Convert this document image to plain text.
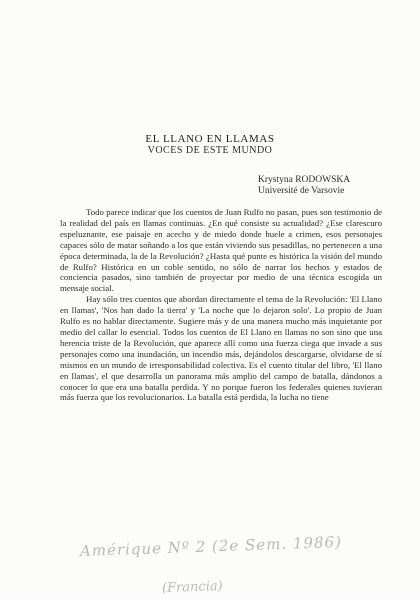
EL LLANO EN LLAMAS
VOCES DE ESTE MUNDO
Krystyna RODOWSKA
Université de Varsovie

Todo parece indicar que los cuentos de Juan Rulfo no pasan, pues son testimonio de la realidad del país en llamas continuas. ¿En qué consiste su actualidad? ¿Ese clarescuro espeluznante, ese paisaje en acecho y de miedo donde huele a crimen, esos personajes capaces sólo de matar soñando a los que están viviendo sus pesadillas, no pertenecen a una época determinada, la de la Revolución? ¿Hasta qué punte es histórica la visión del mundo de Rulfo? Histórica en un coble sentido, no sólo de narrar los hechos y estados de conciencia pasados, sino también de proyectar por medio de una técnica escogida un mensaje social.

Hay sólo tres cuentos que abordan directamente el tema de la Revolución: 'El Llano en llamas', 'Nos han dado la tierra' y 'La noche que lo dejaron solo'. Lo propio de Juan Rulfo es no hablar directamente. Sugiere más y de una manera mucho más inquietante por medio del callar lo esencial. Todos los cuentos de El Llano en llamas no son sino que una herencia triste de la Revolución, que aparece allí como una fuerza ciega que invade a sus personajes como una inundación, un incendio más, dejándolos descargarse, olvidarse de sí mismos en un mundo de irresponsabilidad colectiva. Es el cuento titular del libro, 'El llano en llamas', el que desarrolla un panorama más amplio del campo de batalla, dándonos a conocer lo que era una batalla perdida. Y no porque fueron los federales quienes tuvieran más fuerza que los revolucionarios. La batalla está perdida, la lucha no tiene

Amérique Nº 2 (2e Sem. 1986)
(Francia)
